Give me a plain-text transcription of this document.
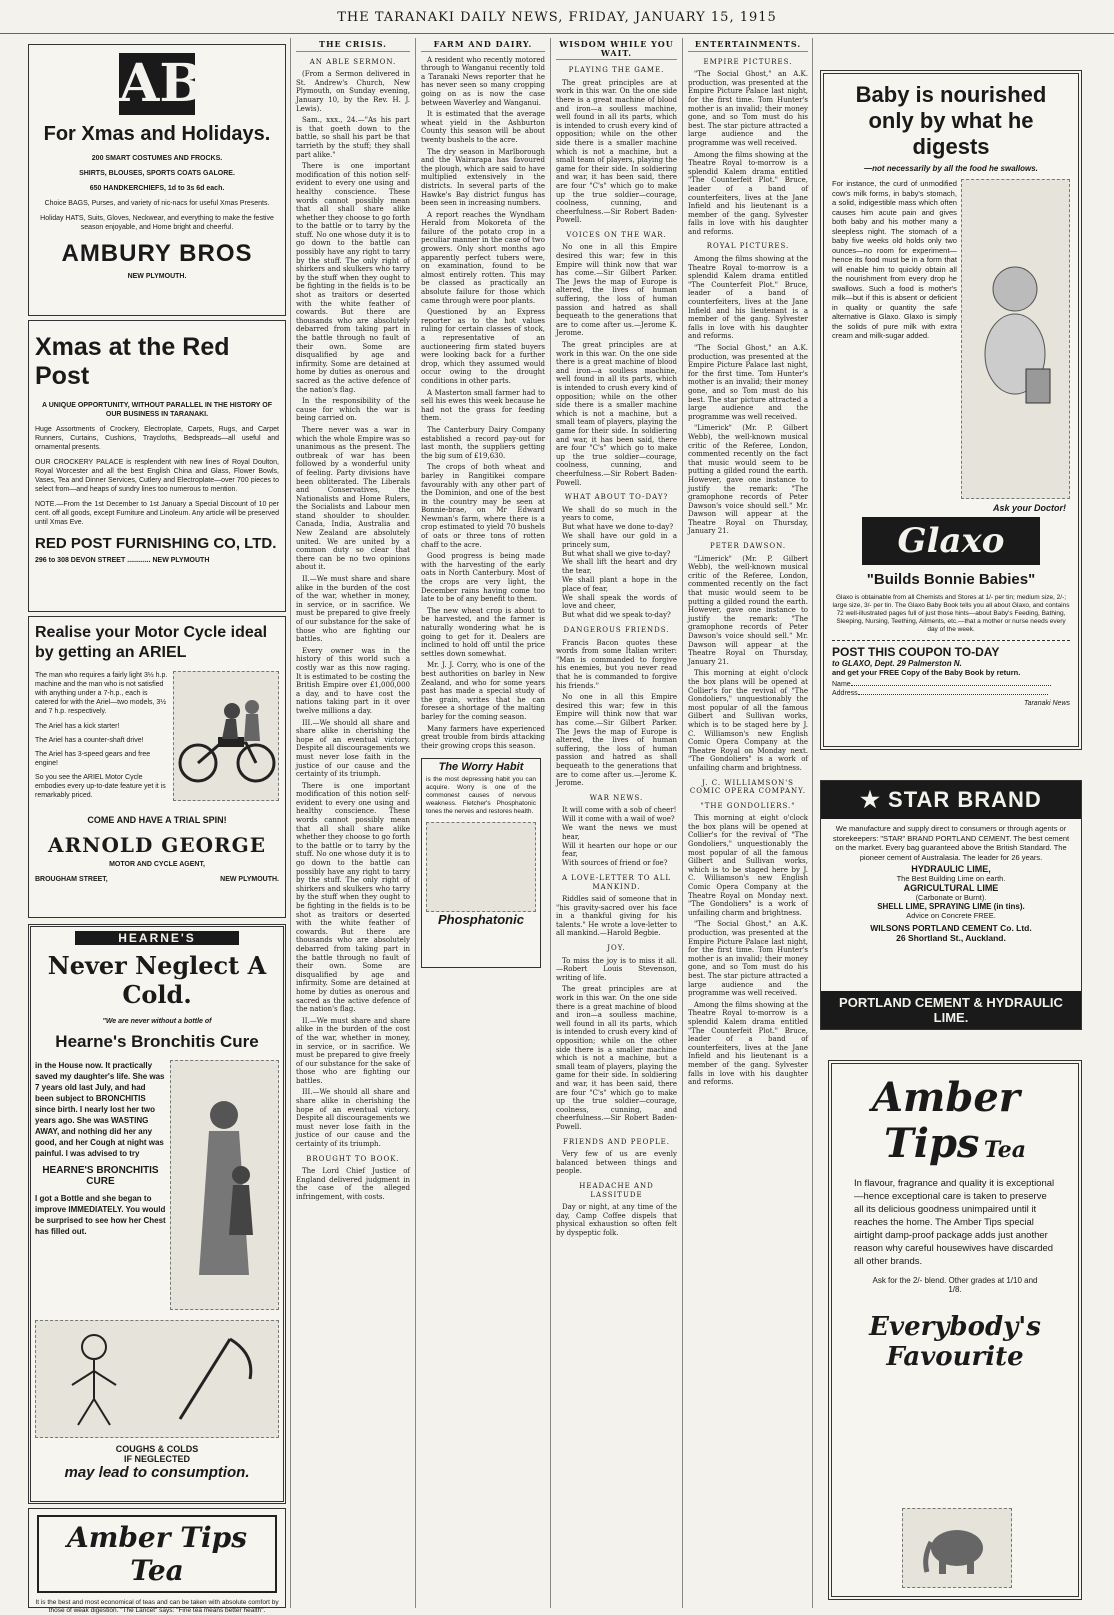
THE TARANAKI DAILY NEWS, FRIDAY, JANUARY 15, 1915
AB
For Xmas and Holidays.
200 SMART COSTUMES AND FROCKS.
SHIRTS, BLOUSES, SPORTS COATS GALORE.
650 HANDKERCHIEFS, 1d to 3s 6d each.
Choice BAGS, Purses, and variety of nic-nacs for useful Xmas Presents.
Holiday HATS, Suits, Gloves, Neckwear, and everything to make the festive season enjoyable, and Home bright and cheerful.
AMBURY BROS
NEW PLYMOUTH.
Xmas at the Red Post
A UNIQUE OPPORTUNITY, WITHOUT PARALLEL IN THE HISTORY OF OUR BUSINESS IN TARANAKI.
Huge Assortments of Crockery, Electroplate, Carpets, Rugs, and Carpet Runners, Curtains, Cushions, Traycloths, Bedspreads—all useful and ornamental presents.
OUR CROCKERY PALACE is resplendent with new lines of Royal Doulton, Royal Worcester and all the best English China and Glass, Flower Bowls, Vases, Tea and Dinner Services, Cutlery and Electroplate—over 700 pieces to select from—and heaps of sundry lines too numerous to mention.
NOTE.—From the 1st December to 1st January a Special Discount of 10 per cent. off all goods, except Furniture and Linoleum. Any article will be preserved until Xmas Eve.
RED POST FURNISHING CO, LTD.
296 to 308 DEVON STREET ............ NEW PLYMOUTH
Realise your Motor Cycle ideal by getting an ARIEL
The man who requires a fairly light 3½ h.p. machine and the man who is not satisfied with anything under a 7-h.p., each is catered for with the Ariel—two models, 3½ and 7 h.p. respectively.
The Ariel has a kick starter!
The Ariel has a counter-shaft drive!
The Ariel has 3-speed gears and free engine!
So you see the ARIEL Motor Cycle embodies every up-to-date feature yet it is remarkably priced.
COME AND HAVE A TRIAL SPIN!
ARNOLD GEORGE
MOTOR AND CYCLE AGENT,
BROUGHAM STREET,	NEW PLYMOUTH.
HEARNE'S
Never Neglect A Cold.
"We are never without a bottle of
Hearne's Bronchitis Cure
in the House now. It practically saved my daughter's life. She was 7 years old last July, and had been subject to BRONCHITIS since birth. I nearly lost her two years ago. She was WASTING AWAY, and nothing did her any good, and her Cough at night was painful. I was advised to try
HEARNE'S BRONCHITIS CURE
I got a Bottle and she began to improve IMMEDIATELY. You would be surprised to see how her Chest has filled out.
COUGHS & COLDS
IF NEGLECTED
may lead to consumption.
Amber Tips Tea
It is the best and most economical of teas and can be taken with absolute comfort by those of weak digestion. "The Lancet" says: "Fine tea means better health".
THE CRISIS.
AN ABLE SERMON.

(From a Sermon delivered in St. Andrew's Church, New Plymouth, on Sunday evening, January 10, by the Rev. H. J. Lewis).

Sam., xxx., 24.—"As his part is that goeth down to the battle, so shall his part be that tarrieth by the stuff; they shall part alike."

There is one important modification of this notion self-evident to every one using and healthy conscience. These words cannot possibly mean that all shall share alike whether they choose to go forth to the battle or to tarry by the stuff. No one whose duty it is to go down to the battle can possibly have any right to tarry by the stuff. The only right of shirkers and skulkers who tarry by the stuff when they ought to be fighting in the fields is to be shot as traitors or deserted with the white feather of cowards. But there are thousands who are absolutely debarred from taking part in the battle through no fault of their own. Some are disqualified by age and infirmity. Some are detained at home by duties as onerous and sacred as the active defence of the nation's flag.

In the responsibility of the cause for which the war is being carried on.

There never was a war in which the whole Empire was so unanimous as the present. The outbreak of war has been followed by a wonderful unity of feeling. Party divisions have been obliterated. The Liberals and Conservatives, the Nationalists and Home Rulers, the Socialists and Labour men stand shoulder to shoulder. Canada, India, Australia and New Zealand are absolutely united. We are united by a common duty so clear that there can be no two opinions about it.

II.—We must share and share alike in the burden of the cost of the war, whether in money, in service, or in sacrifice. We must be prepared to give freely of our substance for the sake of those who are fighting our battles.

Every owner was in the history of this world such a costly war as this now raging. It is estimated to be costing the British Empire over £1,000,000 a day, and to have cost the nations taking part in it over twelve millions a day.

III.—We should all share and share alike in cherishing the hope of an eventual victory. Despite all discouragements we must never lose faith in the justice of our cause and the certainty of its triumph.

There is one important modification of this notion self-evident to every one using and healthy conscience. These words cannot possibly mean that all shall share alike whether they choose to go forth to the battle or to tarry by the stuff. No one whose duty it is to go down to the battle can possibly have any right to tarry by the stuff. The only right of shirkers and skulkers who tarry by the stuff when they ought to be fighting in the fields is to be shot as traitors or deserted with the white feather of cowards. But there are thousands who are absolutely debarred from taking part in the battle through no fault of their own. Some are disqualified by age and infirmity. Some are detained at home by duties as onerous and sacred as the active defence of the nation's flag.

II.—We must share and share alike in the burden of the cost of the war, whether in money, in service, or in sacrifice. We must be prepared to give freely of our substance for the sake of those who are fighting our battles.

III.—We should all share and share alike in cherishing the hope of an eventual victory. Despite all discouragements we must never lose faith in the justice of our cause and the certainty of its triumph.

BROUGHT TO BOOK.

The Lord Chief Justice of England delivered judgment in the case of the alleged infringement, with costs.

FARM AND DAIRY.

A resident who recently motored through to Wanganui recently told a Taranaki News reporter that he has never seen so many cropping going on as is now the case between Waverley and Wanganui.

It is estimated that the average wheat yield in the Ashburton County this season will be about twenty bushels to the acre.

The dry season in Marlborough and the Wairarapa has favoured the plough, which are said to have multiplied extensively in the districts. In several parts of the Hawke's Bay district fungus has been seen in increasing numbers.

A report reaches the Wyndham Herald from Mokoreta of the failure of the potato crop in a peculiar manner in the case of two growers. Only short months ago apparently perfect tubers were, on examination, found to be almost entirely rotten. This may be classed as practically an absolute failure for those which came through were poor plants.

Questioned by an Express reporter as to the hot values ruling for certain classes of stock, a representative of an auctioneering firm stated buyers were looking back for a further drop, which they assumed would occur owing to the drought conditions in other parts.

A Masterton small farmer had to sell his ewes this week because he had not the grass for feeding them.

The Canterbury Dairy Company established a record pay-out for last month, the suppliers getting the big sum of £19,630.

The crops of both wheat and barley in Rangitikei compare favourably with any other part of the Dominion, and one of the best in the country may be seen at Bonnie-brae, on Mr Edward Newman's farm, where there is a crop estimated to yield 70 bushels of oats or three tons of rotten chaff to the acre.

Good progress is being made with the harvesting of the early oats in North Canterbury. Most of the crops are very light, the December rains having come too late to be of any benefit to them.

The new wheat crop is about to be harvested, and the farmer is naturally wondering what he is going to get for it. Dealers are inclined to hold off until the price settles down somewhat.

Mr. J. J. Corry, who is one of the best authorities on barley in New Zealand, and who for some years past has made a special study of the grain, writes that he can foresee a shortage of the malting barley for the coming season.

Many farmers have experienced great trouble from birds attacking their growing crops this season.

The Worry Habit
is the most depressing habit you can acquire. Worry is one of the commonest causes of nervous weakness. Fletcher's Phosphatonic tones the nerves and restores health.
Phosphatonic
WISDOM WHILE YOU WAIT.
PLAYING THE GAME.

The great principles are at work in this war. On the one side there is a great machine of blood and iron—a soulless machine, well found in all its parts, which is intended to crush every kind of opposition; while on the other side there is a smaller machine which is not a machine, but a small team of players, playing the game for their side. In soldiering and war, it has been said, there are four "C's" which go to make up the true soldier—courage, coolness, cunning, and cheerfulness.—Sir Robert Baden-Powell.

VOICES ON THE WAR.

No one in all this Empire desired this war; few in this Empire will think now that war has come.—Sir Gilbert Parker. The Jews the map of Europe is altered, the lives of human suffering, the loss of human passion and hatred as shall bequeath to the generations that are to come after us.—Jerome K. Jerome.

The great principles are at work in this war. On the one side there is a great machine of blood and iron—a soulless machine, well found in all its parts, which is intended to crush every kind of opposition; while on the other side there is a smaller machine which is not a machine, but a small team of players, playing the game for their side. In soldiering and war, it has been said, there are four "C's" which go to make up the true soldier—courage, coolness, cunning, and cheerfulness.—Sir Robert Baden-Powell.

WHAT ABOUT TO-DAY?
We shall do so much in the years to come,
But what have we done to-day?
We shall have our gold in a princely sum,
But what shall we give to-day?
We shall lift the heart and dry the tear,
We shall plant a hope in the place of fear,
We shall speak the words of love and cheer,
But what did we speak to-day?
DANGEROUS FRIENDS.

Francis Bacon quotes these words from some Italian writer: "Man is commanded to forgive his enemies, but you never read that he is commanded to forgive his friends."

No one in all this Empire desired this war; few in this Empire will think now that war has come.—Sir Gilbert Parker. The Jews the map of Europe is altered, the lives of human suffering, the loss of human passion and hatred as shall bequeath to the generations that are to come after us.—Jerome K. Jerome.

WAR NEWS.
It will come with a sob of cheer!
Will it come with a wail of woe?
We want the news we must hear,
Will it hearten our hope or our fear,
With sources of friend or foe?
A LOVE-LETTER TO ALL MANKIND.

Riddles said of someone that in "his gravity-sacred over his face in a thankful giving for his talents." He wrote a love-letter to all mankind.—Harold Begbie.

JOY.

To miss the joy is to miss it all.—Robert Louis Stevenson, writing of life.

The great principles are at work in this war. On the one side there is a great machine of blood and iron—a soulless machine, well found in all its parts, which is intended to crush every kind of opposition; while on the other side there is a smaller machine which is not a machine, but a small team of players, playing the game for their side. In soldiering and war, it has been said, there are four "C's" which go to make up the true soldier—courage, coolness, cunning, and cheerfulness.—Sir Robert Baden-Powell.

FRIENDS AND PEOPLE.

Very few of us are evenly balanced between things and people.

HEADACHE AND LASSITUDE

Day or night, at any time of the day, Camp Coffee dispels that physical exhaustion so often felt by dyspeptic folk.

ENTERTAINMENTS.
EMPIRE PICTURES.

"The Social Ghost," an A.K. production, was presented at the Empire Picture Palace last night, for the first time. Tom Hunter's mother is an invalid; their money gone, and so Tom must do his best. The star picture attracted a large audience and the programme was well received.

Among the films showing at the Theatre Royal to-morrow is a splendid Kalem drama entitled "The Counterfeit Plot." Bruce, leader of a band of counterfeiters, lives at the Jane Infield and his lieutenant is a member of the gang. Sylvester falls in love with his daughter and reforms.

ROYAL PICTURES.

Among the films showing at the Theatre Royal to-morrow is a splendid Kalem drama entitled "The Counterfeit Plot." Bruce, leader of a band of counterfeiters, lives at the Jane Infield and his lieutenant is a member of the gang. Sylvester falls in love with his daughter and reforms.

"The Social Ghost," an A.K. production, was presented at the Empire Picture Palace last night, for the first time. Tom Hunter's mother is an invalid; their money gone, and so Tom must do his best. The star picture attracted a large audience and the programme was well received.

"Limerick" (Mr. P. Gilbert Webb), the well-known musical critic of the Referee, London, commented recently on the fact that music would seem to be putting a gilded round the earth. However, gave one instance to justify the remark: "The gramophone records of Peter Dawson's voice should sell." Mr. Dawson will appear at the Theatre Royal on Thursday, January 21.

PETER DAWSON.

"Limerick" (Mr. P. Gilbert Webb), the well-known musical critic of the Referee, London, commented recently on the fact that music would seem to be putting a gilded round the earth. However, gave one instance to justify the remark: "The gramophone records of Peter Dawson's voice should sell." Mr. Dawson will appear at the Theatre Royal on Thursday, January 21.

This morning at eight o'clock the box plans will be opened at Collier's for the revival of "The Gondoliers," unquestionably the most popular of all the famous Gilbert and Sullivan works, which is to be staged here by J. C. Williamson's new English Comic Opera Company at the Theatre Royal on Monday next. "The Gondoliers" is a work of unfailing charm and brightness.

J. C. WILLIAMSON'S COMIC OPERA COMPANY.
"THE GONDOLIERS."

This morning at eight o'clock the box plans will be opened at Collier's for the revival of "The Gondoliers," unquestionably the most popular of all the famous Gilbert and Sullivan works, which is to be staged here by J. C. Williamson's new English Comic Opera Company at the Theatre Royal on Monday next. "The Gondoliers" is a work of unfailing charm and brightness.

"The Social Ghost," an A.K. production, was presented at the Empire Picture Palace last night, for the first time. Tom Hunter's mother is an invalid; their money gone, and so Tom must do his best. The star picture attracted a large audience and the programme was well received.

Among the films showing at the Theatre Royal to-morrow is a splendid Kalem drama entitled "The Counterfeit Plot." Bruce, leader of a band of counterfeiters, lives at the Jane Infield and his lieutenant is a member of the gang. Sylvester falls in love with his daughter and reforms.

Baby is nourished only by what he digests
—not necessarily by all the food he swallows.
For instance, the curd of unmodified cow's milk forms, in baby's stomach, a solid, indigestible mass which often causes him acute pain and gives both baby and his mother many a sleepless night. The stomach of a baby five weeks old holds only two ounces—no room for experiment—hence its food must be in a form that will enable him to quickly obtain all the nourishment from every drop he swallows. Such a food is mother's milk—but if this is absent or deficient in quality or quantity the safe alternative is Glaxo. Glaxo is simply the solids of pure milk with extra cream and milk-sugar added.
Ask your Doctor!
Glaxo
"Builds Bonnie Babies"
Glaxo is obtainable from all Chemists and Stores at 1/- per tin; medium size, 2/-; large size, 3/- per tin. The Glaxo Baby Book tells you all about Glaxo, and contains 72 well-illustrated pages full of just those hints—about Baby's Feeding, Bathing, Sleeping, Nursing, Teething, Ailments, etc.—that a mother or nurse needs every day of the week.
POST THIS COUPON TO-DAY
to GLAXO, Dept. 29 Palmerston N.
and get your FREE Copy of the Baby Book by return.
Name
Address
Taranaki News
★ STAR BRAND
We manufacture and supply direct to consumers or through agents or storekeepers: "STAR" BRAND PORTLAND CEMENT. The best cement on the market. Every bag guaranteed above the British Standard. The pioneer cement of Australasia. The leader for 26 years.
HYDRAULIC LIME,
The Best Building Lime on earth.
AGRICULTURAL LIME
(Carbonate or Burnt).
SHELL LIME, SPRAYING LIME (in tins).
Advice on Concrete FREE.
WILSONS PORTLAND CEMENT Co. Ltd.
26 Shortland St., Auckland.
PORTLAND CEMENT & HYDRAULIC LIME.
Amber
Tips Tea
In flavour, fragrance and quality it is exceptional—hence exceptional care is taken to preserve all its delicious goodness unimpaired until it reaches the home. The Amber Tips special airtight damp-proof package adds just another reason why careful housewives have discarded all other brands.
Ask for the 2/- blend. Other grades at 1/10 and 1/8.
Everybody's
Favourite
